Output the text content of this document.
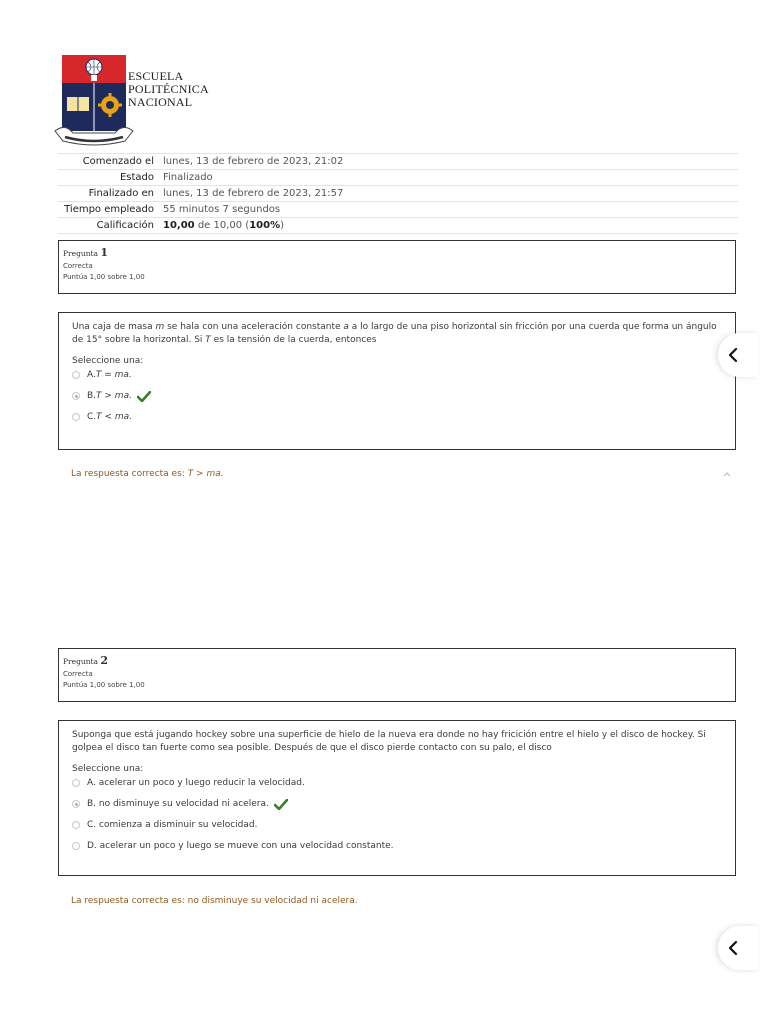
ESCUELA
POLITÉCNICA
NACIONAL
Comenzado el	lunes, 13 de febrero de 2023, 21:02
Estado	Finalizado
Finalizado en	lunes, 13 de febrero de 2023, 21:57
Tiempo empleado	55 minutos 7 segundos
Calificación	10,00 de 10,00 (100%)
Pregunta 1
Correcta
Puntúa 1,00 sobre 1,00
Una caja de masa m se hala con una aceleración constante a a lo largo de una piso horizontal sin fricción por una cuerda que forma un ángulo de 15° sobre la horizontal. Si T es la tensión de la cuerda, entonces
Seleccione una:
A. T = ma.
B. T > ma.
C. T < ma.
La respuesta correcta es: T > ma.
Pregunta 2
Correcta
Puntúa 1,00 sobre 1,00
Suponga que está jugando hockey sobre una superficie de hielo de la nueva era donde no hay fricición entre el hielo y el disco de hockey. Si golpea el disco tan fuerte como sea posible. Después de que el disco pierde contacto con su palo, el disco
Seleccione una:
A. acelerar un poco y luego reducir la velocidad.
B. no disminuye su velocidad ni acelera.
C. comienza a disminuir su velocidad.
D. acelerar un poco y luego se mueve con una velocidad constante.
La respuesta correcta es: no disminuye su velocidad ni acelera.
